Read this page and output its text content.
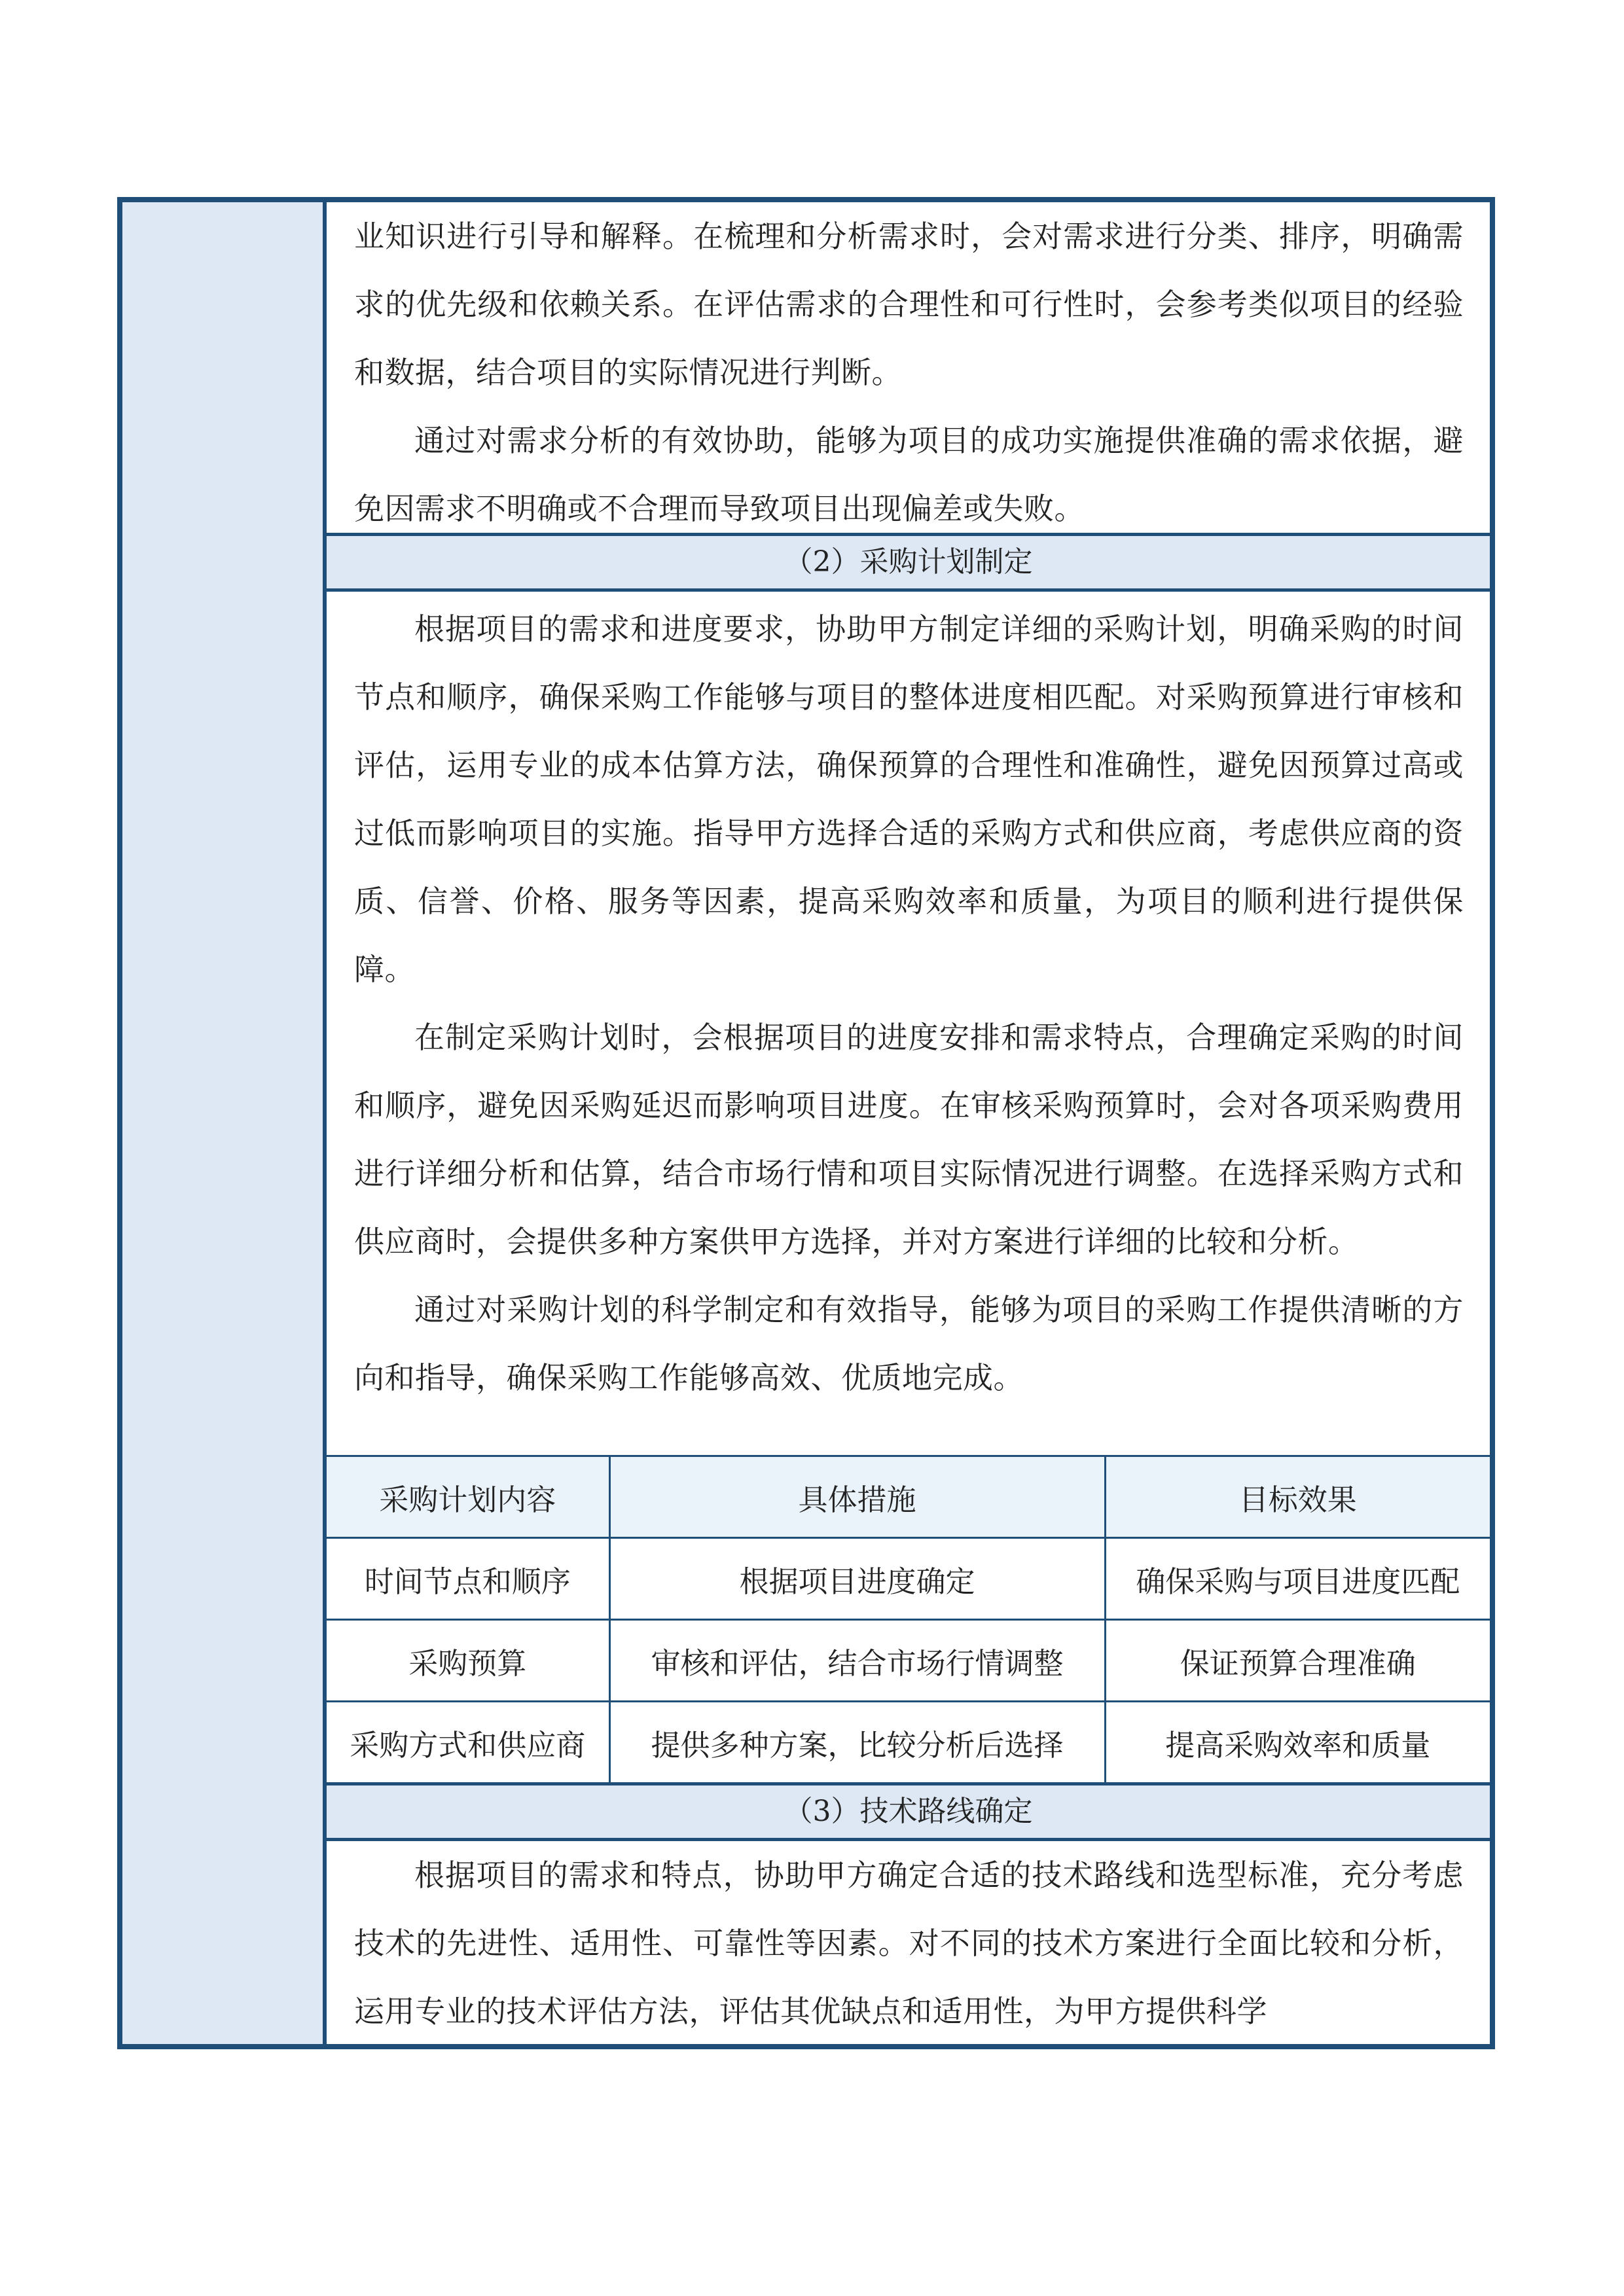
业知识进行引导和解释。在梳理和分析需求时，会对需求进行分类、排序，明确需求的优先级和依赖关系。在评估需求的合理性和可行性时，会参考类似项目的经验和数据，结合项目的实际情况进行判断。

通过对需求分析的有效协助，能够为项目的成功实施提供准确的需求依据，避免因需求不明确或不合理而导致项目出现偏差或失败。

（2）采购计划制定

根据项目的需求和进度要求，协助甲方制定详细的采购计划，明确采购的时间节点和顺序，确保采购工作能够与项目的整体进度相匹配。对采购预算进行审核和评估，运用专业的成本估算方法，确保预算的合理性和准确性，避免因预算过高或过低而影响项目的实施。指导甲方选择合适的采购方式和供应商，考虑供应商的资质、信誉、价格、服务等因素，提高采购效率和质量，为项目的顺利进行提供保障。

在制定采购计划时，会根据项目的进度安排和需求特点，合理确定采购的时间和顺序，避免因采购延迟而影响项目进度。在审核采购预算时，会对各项采购费用进行详细分析和估算，结合市场行情和项目实际情况进行调整。在选择采购方式和供应商时，会提供多种方案供甲方选择，并对方案进行详细的比较和分析。

通过对采购计划的科学制定和有效指导，能够为项目的采购工作提供清晰的方向和指导，确保采购工作能够高效、优质地完成。

采购计划内容	具体措施	目标效果
时间节点和顺序	根据项目进度确定	确保采购与项目进度匹配
采购预算	审核和评估，结合市场行情调整	保证预算合理准确
采购方式和供应商	提供多种方案，比较分析后选择	提高采购效率和质量
（3）技术路线确定

根据项目的需求和特点，协助甲方确定合适的技术路线和选型标准，充分考虑技术的先进性、适用性、可靠性等因素。对不同的技术方案进行全面比较和分析，运用专业的技术评估方法，评估其优缺点和适用性，为甲方提供科学
